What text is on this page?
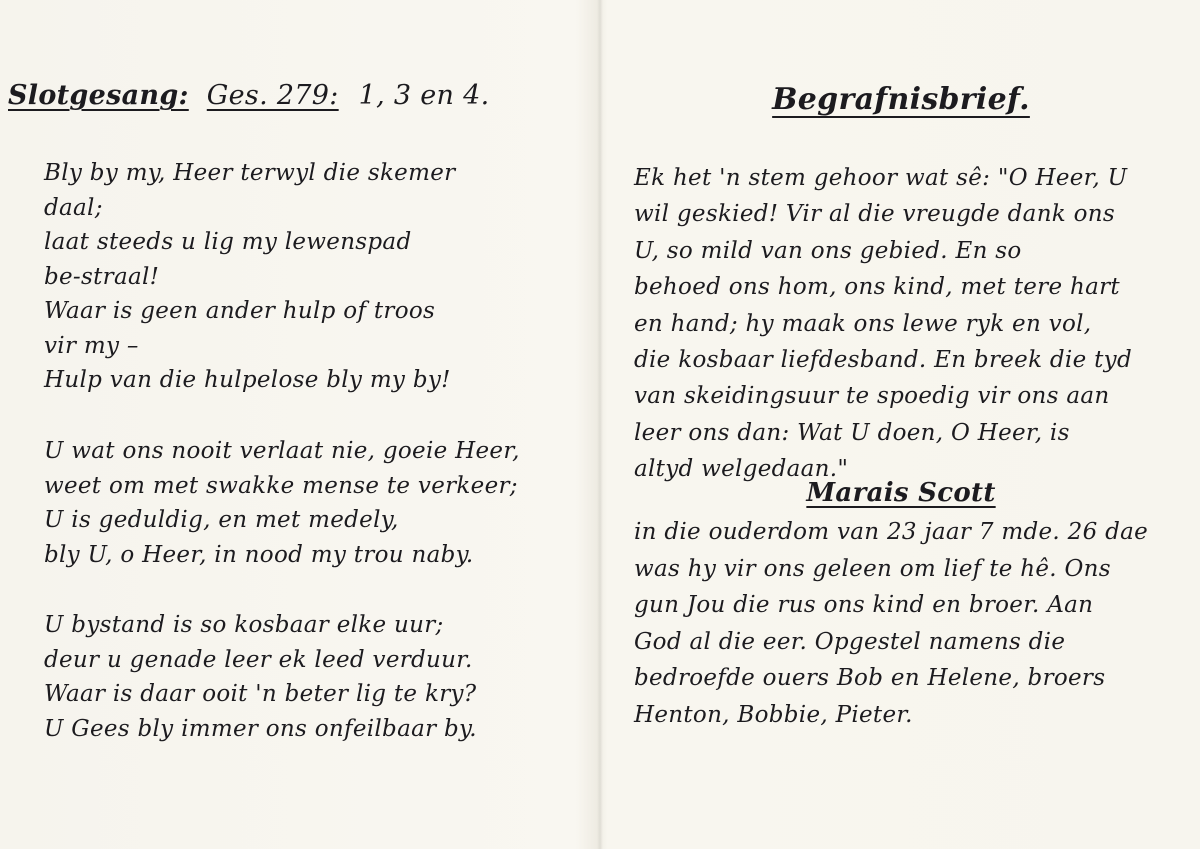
Slotgesang: Ges. 279: 1, 3 en 4.
Bly by my, Heer terwyl die skemer
daal;
laat steeds u lig my lewenspad
be-straal!
Waar is geen ander hulp of troos
vir my –
Hulp van die hulpelose bly my by!
U wat ons nooit verlaat nie, goeie Heer,
weet om met swakke mense te verkeer;
U is geduldig, en met medely,
bly U, o Heer, in nood my trou naby.
U bystand is so kosbaar elke uur;
deur u genade leer ek leed verduur.
Waar is daar ooit 'n beter lig te kry?
U Gees bly immer ons onfeilbaar by.
Begrafnisbrief.
Ek het 'n stem gehoor wat sê: "O Heer, U
wil geskied! Vir al die vreugde dank ons
U, so mild van ons gebied. En so
behoed ons hom, ons kind, met tere hart
en hand; hy maak ons lewe ryk en vol,
die kosbaar liefdesband. En breek die tyd
van skeidingsuur te spoedig vir ons aan
leer ons dan: Wat U doen, O Heer, is
altyd welgedaan."
Marais Scott
in die ouderdom van 23 jaar 7 mde. 26 dae
was hy vir ons geleen om lief te hê. Ons
gun Jou die rus ons kind en broer. Aan
God al die eer. Opgestel namens die
bedroefde ouers Bob en Helene, broers
Henton, Bobbie, Pieter.
